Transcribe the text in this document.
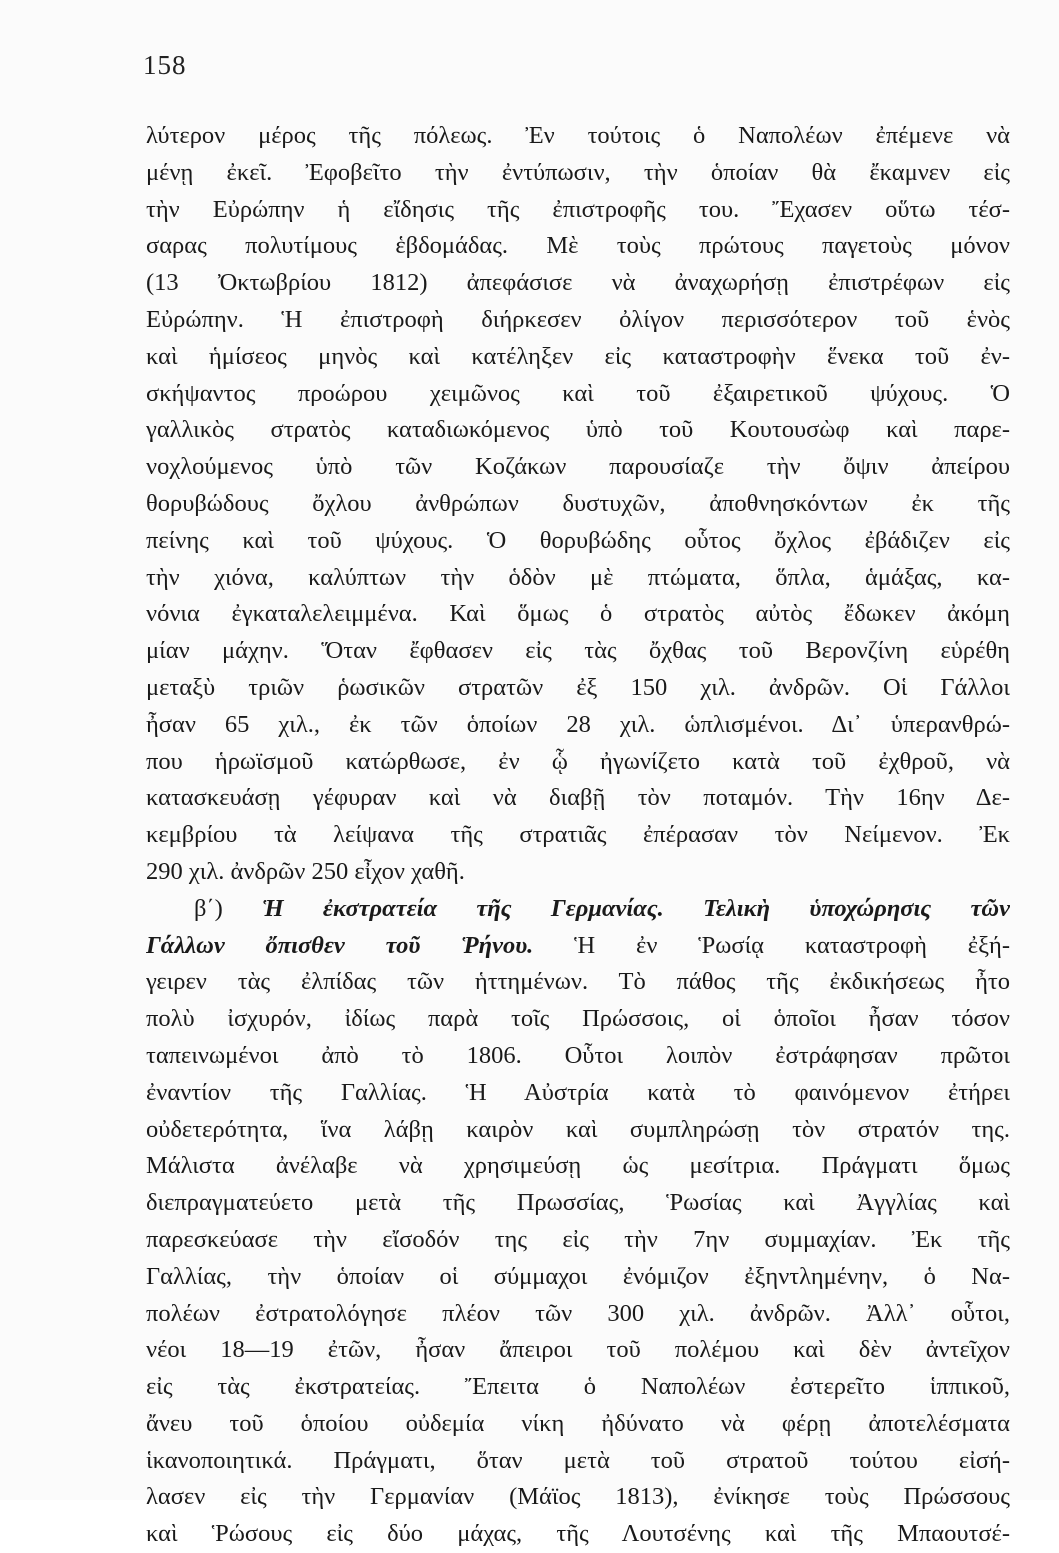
158
λύτερον μέρος τῆς πόλεως. Ἐν τούτοις ὁ Ναπολέων ἐπέμενε νὰ
μένῃ ἐκεῖ. Ἐφοβεῖτο τὴν ἐντύπωσιν, τὴν ὁποίαν θὰ ἔκαμνεν εἰς
τὴν Εὐρώπην ἡ εἴδησις τῆς ἐπιστροφῆς του. Ἔχασεν οὕτω τέσ-
σαρας πολυτίμους ἑβδομάδας. Μὲ τοὺς πρώτους παγετοὺς μόνον
(13 Ὀκτωβρίου 1812) ἀπεφάσισε νὰ ἀναχωρήσῃ ἐπιστρέφων εἰς
Εὐρώπην. Ἡ ἐπιστροφὴ διήρκεσεν ὀλίγον περισσότερον τοῦ ἑνὸς
καὶ ἡμίσεος μηνὸς καὶ κατέληξεν εἰς καταστροφὴν ἕνεκα τοῦ ἐν-
σκήψαντος προώρου χειμῶνος καὶ τοῦ ἐξαιρετικοῦ ψύχους. Ὁ
γαλλικὸς στρατὸς καταδιωκόμενος ὑπὸ τοῦ Κουτουσὼφ καὶ παρε-
νοχλούμενος ὑπὸ τῶν Κοζάκων παρουσίαζε τὴν ὄψιν ἀπείρου
θορυβώδους ὄχλου ἀνθρώπων δυστυχῶν, ἀποθνησκόντων ἐκ τῆς
πείνης καὶ τοῦ ψύχους. Ὁ θορυβώδης οὗτος ὄχλος ἐβάδιζεν εἰς
τὴν χιόνα, καλύπτων τὴν ὁδὸν μὲ πτώματα, ὅπλα, ἁμάξας, κα-
νόνια ἐγκαταλελειμμένα. Καὶ ὅμως ὁ στρατὸς αὐτὸς ἔδωκεν ἀκόμη
μίαν μάχην. Ὅταν ἔφθασεν εἰς τὰς ὄχθας τοῦ Βερονζίνη εὑρέθη
μεταξὺ τριῶν ῥωσικῶν στρατῶν ἐξ 150 χιλ. ἀνδρῶν. Οἱ Γάλλοι
ἦσαν 65 χιλ., ἐκ τῶν ὁποίων 28 χιλ. ὡπλισμένοι. Δι᾿ ὑπερανθρώ-
που ἡρωϊσμοῦ κατώρθωσε, ἐν ᾧ ἠγωνίζετο κατὰ τοῦ ἐχθροῦ, νὰ
κατασκευάσῃ γέφυραν καὶ νὰ διαβῇ τὸν ποταμόν. Τὴν 16ην Δε-
κεμβρίου τὰ λείψανα τῆς στρατιᾶς ἐπέρασαν τὸν Νείμενον. Ἐκ
290 χιλ. ἀνδρῶν 250 εἶχον χαθῆ.
β΄) Ἡ ἐκστρατεία τῆς Γερμανίας. Τελικὴ ὑποχώρησις τῶν
Γάλλων ὄπισθεν τοῦ Ῥήνου. Ἡ ἐν Ῥωσίᾳ καταστροφὴ ἐξή-
γειρεν τὰς ἐλπίδας τῶν ἡττημένων. Τὸ πάθος τῆς ἐκδικήσεως ἦτο
πολὺ ἰσχυρόν, ἰδίως παρὰ τοῖς Πρώσσοις, οἱ ὁποῖοι ἦσαν τόσον
ταπεινωμένοι ἀπὸ τὸ 1806. Οὗτοι λοιπὸν ἐστράφησαν πρῶτοι
ἐναντίον τῆς Γαλλίας. Ἡ Αὐστρία κατὰ τὸ φαινόμενον ἐτήρει
οὐδετερότητα, ἵνα λάβῃ καιρὸν καὶ συμπληρώσῃ τὸν στρατόν της.
Μάλιστα ἀνέλαβε νὰ χρησιμεύσῃ ὡς μεσίτρια. Πράγματι ὅμως
διεπραγματεύετο μετὰ τῆς Πρωσσίας, Ῥωσίας καὶ Ἀγγλίας καὶ
παρεσκεύασε τὴν εἴσοδόν της εἰς τὴν 7ην συμμαχίαν. Ἐκ τῆς
Γαλλίας, τὴν ὁποίαν οἱ σύμμαχοι ἐνόμιζον ἐξηντλημένην, ὁ Να-
πολέων ἐστρατολόγησε πλέον τῶν 300 χιλ. ἀνδρῶν. Ἀλλ᾿ οὗτοι,
νέοι 18—19 ἐτῶν, ἦσαν ἄπειροι τοῦ πολέμου καὶ δὲν ἀντεῖχον
εἰς τὰς ἐκστρατείας. Ἔπειτα ὁ Ναπολέων ἐστερεῖτο ἱππικοῦ,
ἄνευ τοῦ ὁποίου οὐδεμία νίκη ἠδύνατο νὰ φέρῃ ἀποτελέσματα
ἱκανοποιητικά. Πράγματι, ὅταν μετὰ τοῦ στρατοῦ τούτου εἰσή-
λασεν εἰς τὴν Γερμανίαν (Μάϊος 1813), ἐνίκησε τοὺς Πρώσσους
καὶ Ῥώσους εἰς δύο μάχας, τῆς Λουτσένης καὶ τῆς Μπαουτσέ-
